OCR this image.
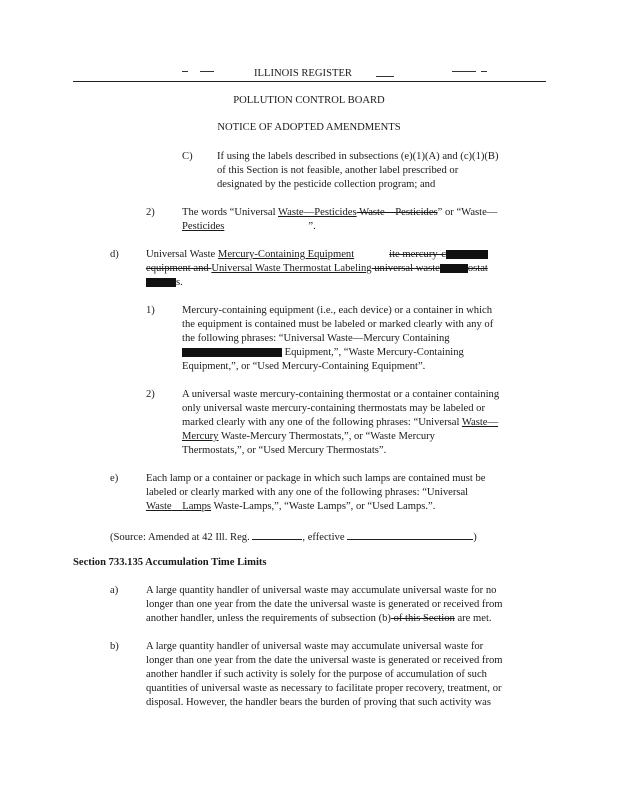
ILLINOIS REGISTER
POLLUTION CONTROL BOARD
NOTICE OF ADOPTED AMENDMENTS
C) If using the labels described in subsections (e)(1)(A) and (c)(1)(B)
of this Section is not feasible, another label prescribed or
designated by the pesticide collection program; and
2)	The words “Universal Waste—Pesticides Waste—Pesticides” or “Waste—
Pesticides	”.
d)	Universal Waste Mercury-Containing Equipment	ite mercury-c
equipment and Universal Waste Thermostat Labeling universal waste	ostat
s.
1)	Mercury-containing equipment (i.e., each device) or a container in which
the equipment is contained must be labeled or marked clearly with any of
the following phrases: “Universal Waste—Mercury Containing
Equipment,”, “Waste Mercury-Containing
Equipment,”, or “Used Mercury-Containing Equipment”.
2)	A universal waste mercury-containing thermostat or a container containing
only universal waste mercury-containing thermostats may be labeled or
marked clearly with any one of the following phrases: “Universal Waste—
Mercury Waste-Mercury Thermostats,”, or “Waste Mercury
Thermostats,”, or “Used Mercury Thermostats”.
e)	Each lamp or a container or package in which such lamps are contained must be
labeled or clearly marked with any one of the following phrases: “Universal
Waste Lamps Waste-Lamps,”, “Waste Lamps”, or “Used Lamps.”.
(Source: Amended at 42 Ill. Reg.	, effective	)
Section 733.135 Accumulation Time Limits
a)	A large quantity handler of universal waste may accumulate universal waste for no
longer than one year from the date the universal waste is generated or received from
another handler, unless the requirements of subsection (b) of this Section are met.
b)	A large quantity handler of universal waste may accumulate universal waste for
longer than one year from the date the universal waste is generated or received from
another handler if such activity is solely for the purpose of accumulation of such
quantities of universal waste as necessary to facilitate proper recovery, treatment, or
disposal. However, the handler bears the burden of proving that such activity was
